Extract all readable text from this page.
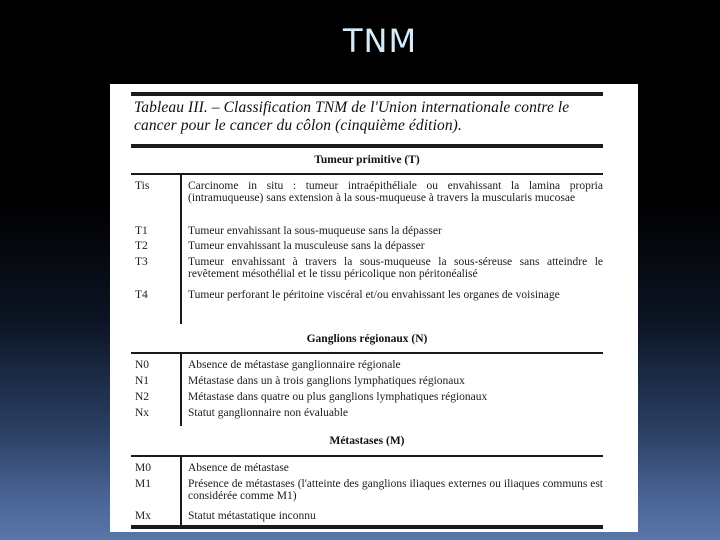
TNM
Tableau III. – Classification TNM de l'Union internationale contre le cancer pour le cancer du côlon (cinquième édition).
Tumeur primitive (T)
Tis	Carcinome in situ : tumeur intraépithéliale ou envahissant la lamina propria (intramuqueuse) sans extension à la sous-muqueuse à travers la muscularis mucosae
T1	Tumeur envahissant la sous-muqueuse sans la dépasser
T2	Tumeur envahissant la musculeuse sans la dépasser
T3	Tumeur envahissant à travers la sous-muqueuse la sous-séreuse sans atteindre le revêtement mésothélial et le tissu péricolique non péritonéalisé
T4	Tumeur perforant le péritoine viscéral et/ou envahissant les organes de voisinage
Ganglions régionaux (N)
N0	Absence de métastase ganglionnaire régionale
N1	Métastase dans un à trois ganglions lymphatiques régionaux
N2	Métastase dans quatre ou plus ganglions lymphatiques régionaux
Nx	Statut ganglionnaire non évaluable
Métastases (M)
M0	Absence de métastase
M1	Présence de métastases (l'atteinte des ganglions iliaques externes ou iliaques communs est considérée comme M1)
Mx	Statut métastatique inconnu
